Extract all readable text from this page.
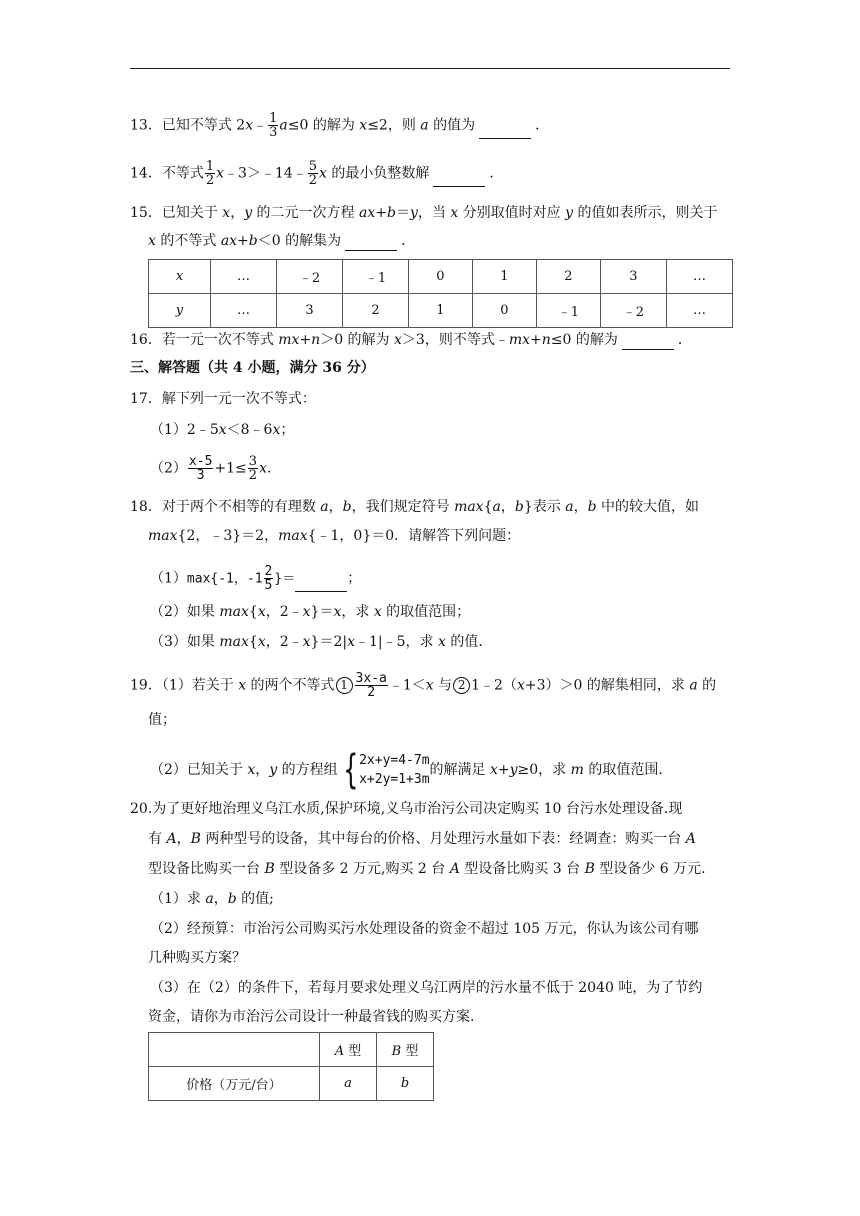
13．已知不等式 2x﹣ $\frac{1}{3} a\le 0$ 的解为 x≤2，则 a 的值为	．
14．不等式 $\frac{1}{2}$ x﹣3＞﹣14﹣ $\frac{5}{2}$ x 的最小负整数解	．
15．已知关于 x，y 的二元一次方程 ax+b＝y，当 x 分别取值时对应 y 的值如表所示，则关于
x 的不等式 ax+b＜0 的解集为	．
x	…	﹣2	﹣1	0	1	2	3	…
y	…	3	2	1	0	﹣1	﹣2	…
16．若一元一次不等式 mx+n＞0 的解为 x＞3，则不等式﹣mx+n≤0 的解为	．
三、解答题（共 4 小题，满分 36 分）
17．解下列一元一次不等式：
（1）2﹣5x＜8﹣6x；
$(2) \frac{x-5}{3} +1\le \frac{3}{2} x$.
18．对于两个不相等的有理数 a，b，我们规定符号 max{a，b}表示 a，b 中的较大值，如
max{2，﹣3}＝2，max{﹣1，0}＝0．请解答下列问题：
（1）max{-1，$-1 \frac{2}{5}$ }＝	；
（2）如果 max{x，2﹣x}＝x，求 x 的取值范围；
（3）如果 max{x，2﹣x}＝2|x﹣1|﹣5，求 x 的值.
19．（1）若关于 x 的两个不等式 $1 \frac{3x-a}{2}$ ﹣1＜x 与 2 1﹣2（x+3）＞0 的解集相同，求 a 的
值；
（2）已知关于 x，y 的方程组 { 2x+y=4-7m
x+2y=1+3m
的解满足 x+y≥0，求 m 的取值范围.
20.为了更好地治理义乌江水质,保护环境,义乌市治污公司决定购买 10 台污水处理设备.现
有 A，B 两种型号的设备，其中每台的价格、月处理污水量如下表：经调查：购买一台 A
型设备比购买一台 B 型设备多 2 万元,购买 2 台 A 型设备比购买 3 台 B 型设备少 6 万元.
（1）求 a，b 的值;
（2）经预算：市治污公司购买污水处理设备的资金不超过 105 万元，你认为该公司有哪
几种购买方案？
（3）在（2）的条件下，若每月要求处理义乌江两岸的污水量不低于 2040 吨，为了节约
资金，请你为市治污公司设计一种最省钱的购买方案.
	A 型	B 型
价格（万元/台）	a	b
